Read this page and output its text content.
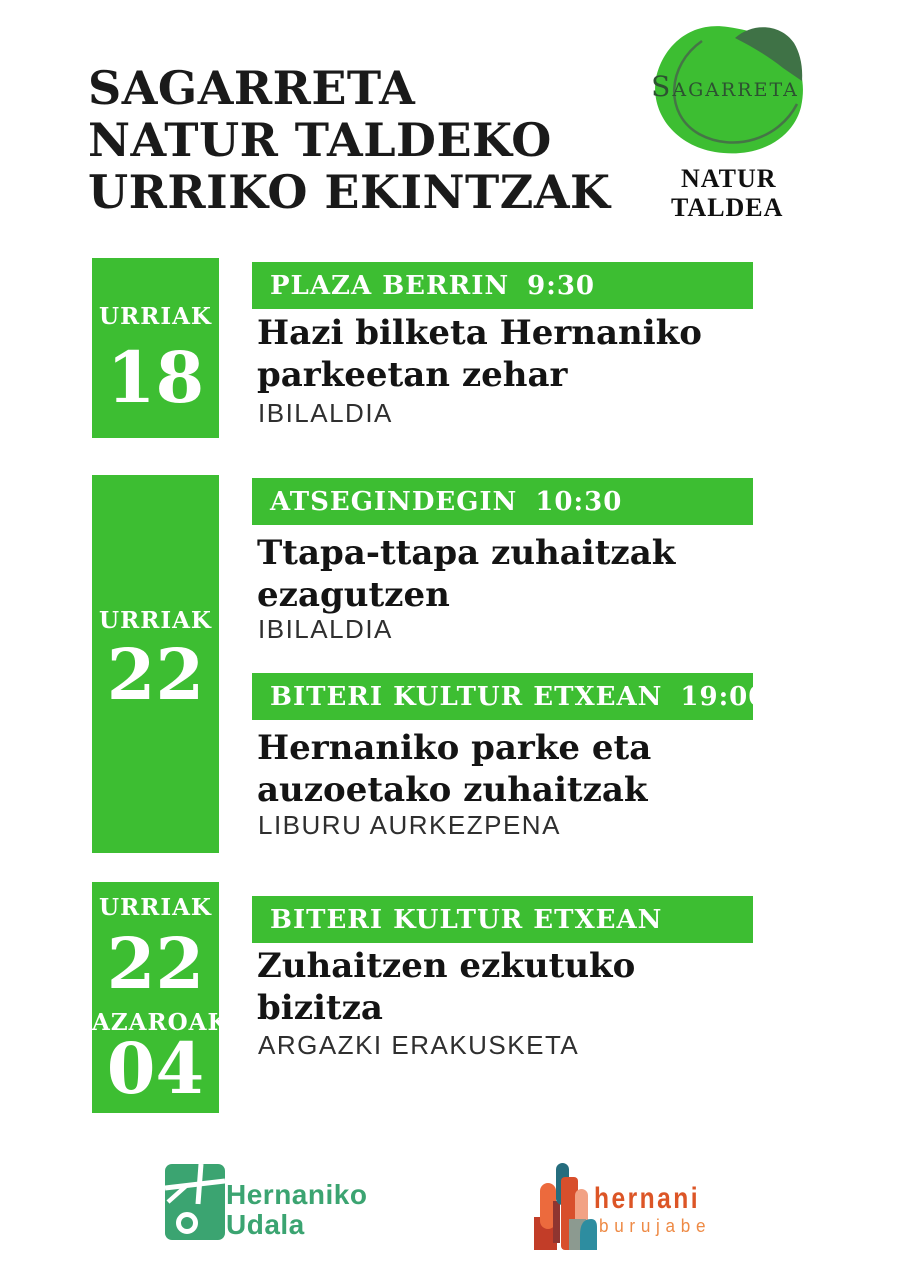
SAGARRETA
NATUR TALDEKO
URRIKO EKINTZAK
SAGARRETA
NATUR
TALDEA
URRIAK
18
PLAZA BERRIN 9:30
Hazi bilketa Hernaniko
parkeetan zehar
IBILALDIA
URRIAK
22
ATSEGINDEGIN 10:30
Ttapa-ttapa zuhaitzak
ezagutzen
IBILALDIA
BITERI KULTUR ETXEAN 19:00
Hernaniko parke eta
auzoetako zuhaitzak
LIBURU AURKEZPENA
URRIAK
22
AZAROAK
04
BITERI KULTUR ETXEAN
Zuhaitzen ezkutuko
bizitza
ARGAZKI ERAKUSKETA
Hernaniko
Udala
hernani
burujabe
